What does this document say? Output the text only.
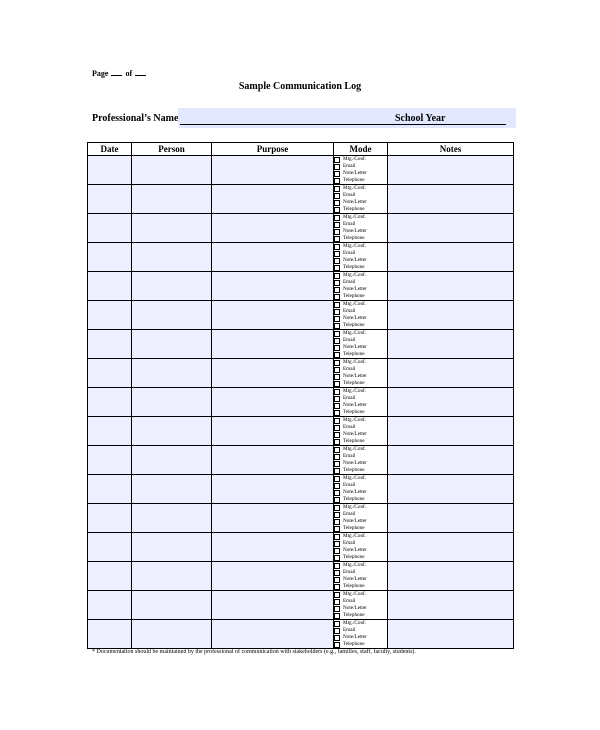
Page of
Sample Communication Log
Professional’s Name	School Year
Date	Person	Purpose	Mode	Notes

			Mtg./Conf.
Email
Note/Letter
Telephone	

			Mtg./Conf.
Email
Note/Letter
Telephone	

			Mtg./Conf.
Email
Note/Letter
Telephone	

			Mtg./Conf.
Email
Note/Letter
Telephone	

			Mtg./Conf.
Email
Note/Letter
Telephone	

			Mtg./Conf.
Email
Note/Letter
Telephone	

			Mtg./Conf.
Email
Note/Letter
Telephone	

			Mtg./Conf.
Email
Note/Letter
Telephone	

			Mtg./Conf.
Email
Note/Letter
Telephone	

			Mtg./Conf.
Email
Note/Letter
Telephone	

			Mtg./Conf.
Email
Note/Letter
Telephone	

			Mtg./Conf.
Email
Note/Letter
Telephone	

			Mtg./Conf.
Email
Note/Letter
Telephone	

			Mtg./Conf.
Email
Note/Letter
Telephone	

			Mtg./Conf.
Email
Note/Letter
Telephone	

			Mtg./Conf.
Email
Note/Letter
Telephone	

			Mtg./Conf.
Email
Note/Letter
Telephone	

* Documentation should be maintained by the professional of communication with stakeholders (e.g., families, staff, faculty, students).
